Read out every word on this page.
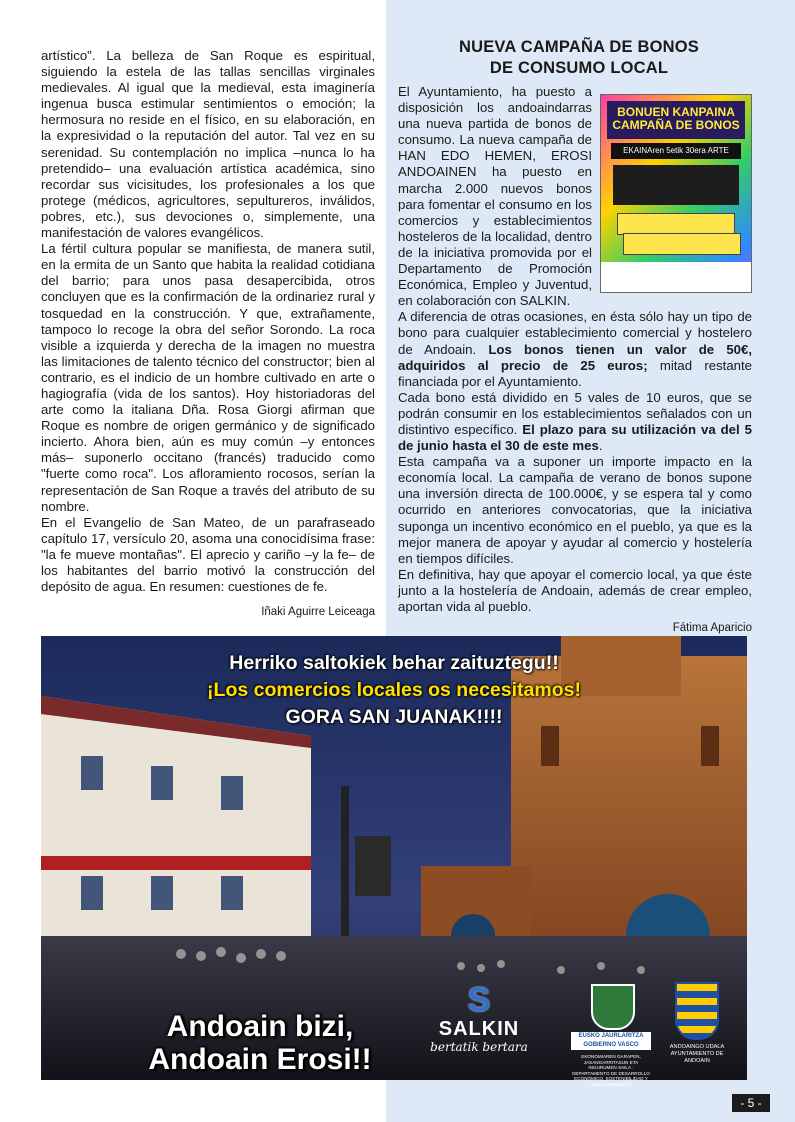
artístico". La belleza de San Roque es espiritual, siguiendo la estela de las tallas sencillas virginales medievales. Al igual que la medieval, esta imaginería ingenua busca estimular sentimientos o emoción; la hermosura no reside en el físico, en su elaboración, en la expresividad o la reputación del autor. Tal vez en su serenidad. Su contemplación no implica –nunca lo ha pretendido– una evaluación artística académica, sino recordar sus vicisitudes, los profesionales a los que protege (médicos, agricultores, sepultureros, inválidos, pobres, etc.), sus devociones o, simplemente, una manifestación de valores evangélicos.

La fértil cultura popular se manifiesta, de manera sutil, en la ermita de un Santo que habita la realidad cotidiana del barrio; para unos pasa desapercibida, otros concluyen que es la confirmación de la ordinariez rural y tosquedad en la construcción. Y que, extrañamente, tampoco lo recoge la obra del señor Sorondo. La roca visible a izquierda y derecha de la imagen no muestra las limitaciones de talento técnico del constructor; bien al contrario, es el indicio de un hombre cultivado en arte o hagiografía (vida de los santos). Hoy historiadoras del arte como la italiana Dña. Rosa Giorgi afirman que Roque es nombre de origen germánico y de significado incierto. Ahora bien, aún es muy común –y entonces más– suponerlo occitano (francés) traducido como "fuerte como roca". Los afloramiento rocosos, serían la representación de San Roque a través del atributo de su nombre.

En el Evangelio de San Mateo, de un parafraseado capítulo 17, versículo 20, asoma una conocidísima frase: "la fe mueve montañas". El aprecio y cariño –y la fe– de los habitantes del barrio motivó la construcción del depósito de agua. En resumen: cuestiones de fe.

Iñaki Aguirre Leiceaga
NUEVA CAMPAÑA DE BONOS
DE CONSUMO LOCAL
BONUEN KANPAINA CAMPAÑA DE BONOS
EKAINAren 5etik 30era ARTE

El Ayuntamiento, ha puesto a disposición los andoaindarras una nueva partida de bonos de consumo. La nueva campaña de HAN EDO HEMEN, EROSI ANDOAINEN ha puesto en marcha 2.000 nuevos bonos para fomentar el consumo en los comercios y establecimientos hosteleros de la localidad, dentro de la iniciativa promovida por el Departamento de Promoción Económica, Empleo y Juventud, en colaboración con SALKIN.

A diferencia de otras ocasiones, en ésta sólo hay un tipo de bono para cualquier establecimiento comercial y hostelero de Andoain. Los bonos tienen un valor de 50€, adquiridos al precio de 25 euros; mitad restante financiada por el Ayuntamiento.

Cada bono está dividido en 5 vales de 10 euros, que se podrán consumir en los establecimientos señalados con un distintivo específico. El plazo para su utilización va del 5 de junio hasta el 30 de este mes.

Esta campaña va a suponer un importe impacto en la economía local. La campaña de verano de bonos supone una inversión directa de 100.000€, y se espera tal y como ocurrido en anteriores convocatorias, que la iniciativa suponga un incentivo económico en el pueblo, ya que es la mejor manera de apoyar y ayudar al comercio y hostelería en tiempos difíciles.

En definitiva, hay que apoyar el comercio local, ya que éste junto a la hostelería de Andoain, además de crear empleo, aportan vida al pueblo.

Fátima Aparicio
Herriko saltokiek behar zaituztegu!!
¡Los comercios locales os necesitamos!
GORA SAN JUANAK!!!!
Andoain bizi,
Andoain Erosi!!
S
SALKIN
bertatik bertara
EUSKO JAURLARITZA GOBIERNO VASCO
EKONOMIAREN GARAPEN, JASANGARRITASUN ETA INGURUMEN SAILA · DEPARTAMENTO DE DESARROLLO ECONÓMICO, SOSTENIBILIDAD Y MEDIO AMBIENTE
ANDOAINGO UDALA AYUNTAMIENTO DE ANDOAIN
- 5 -
